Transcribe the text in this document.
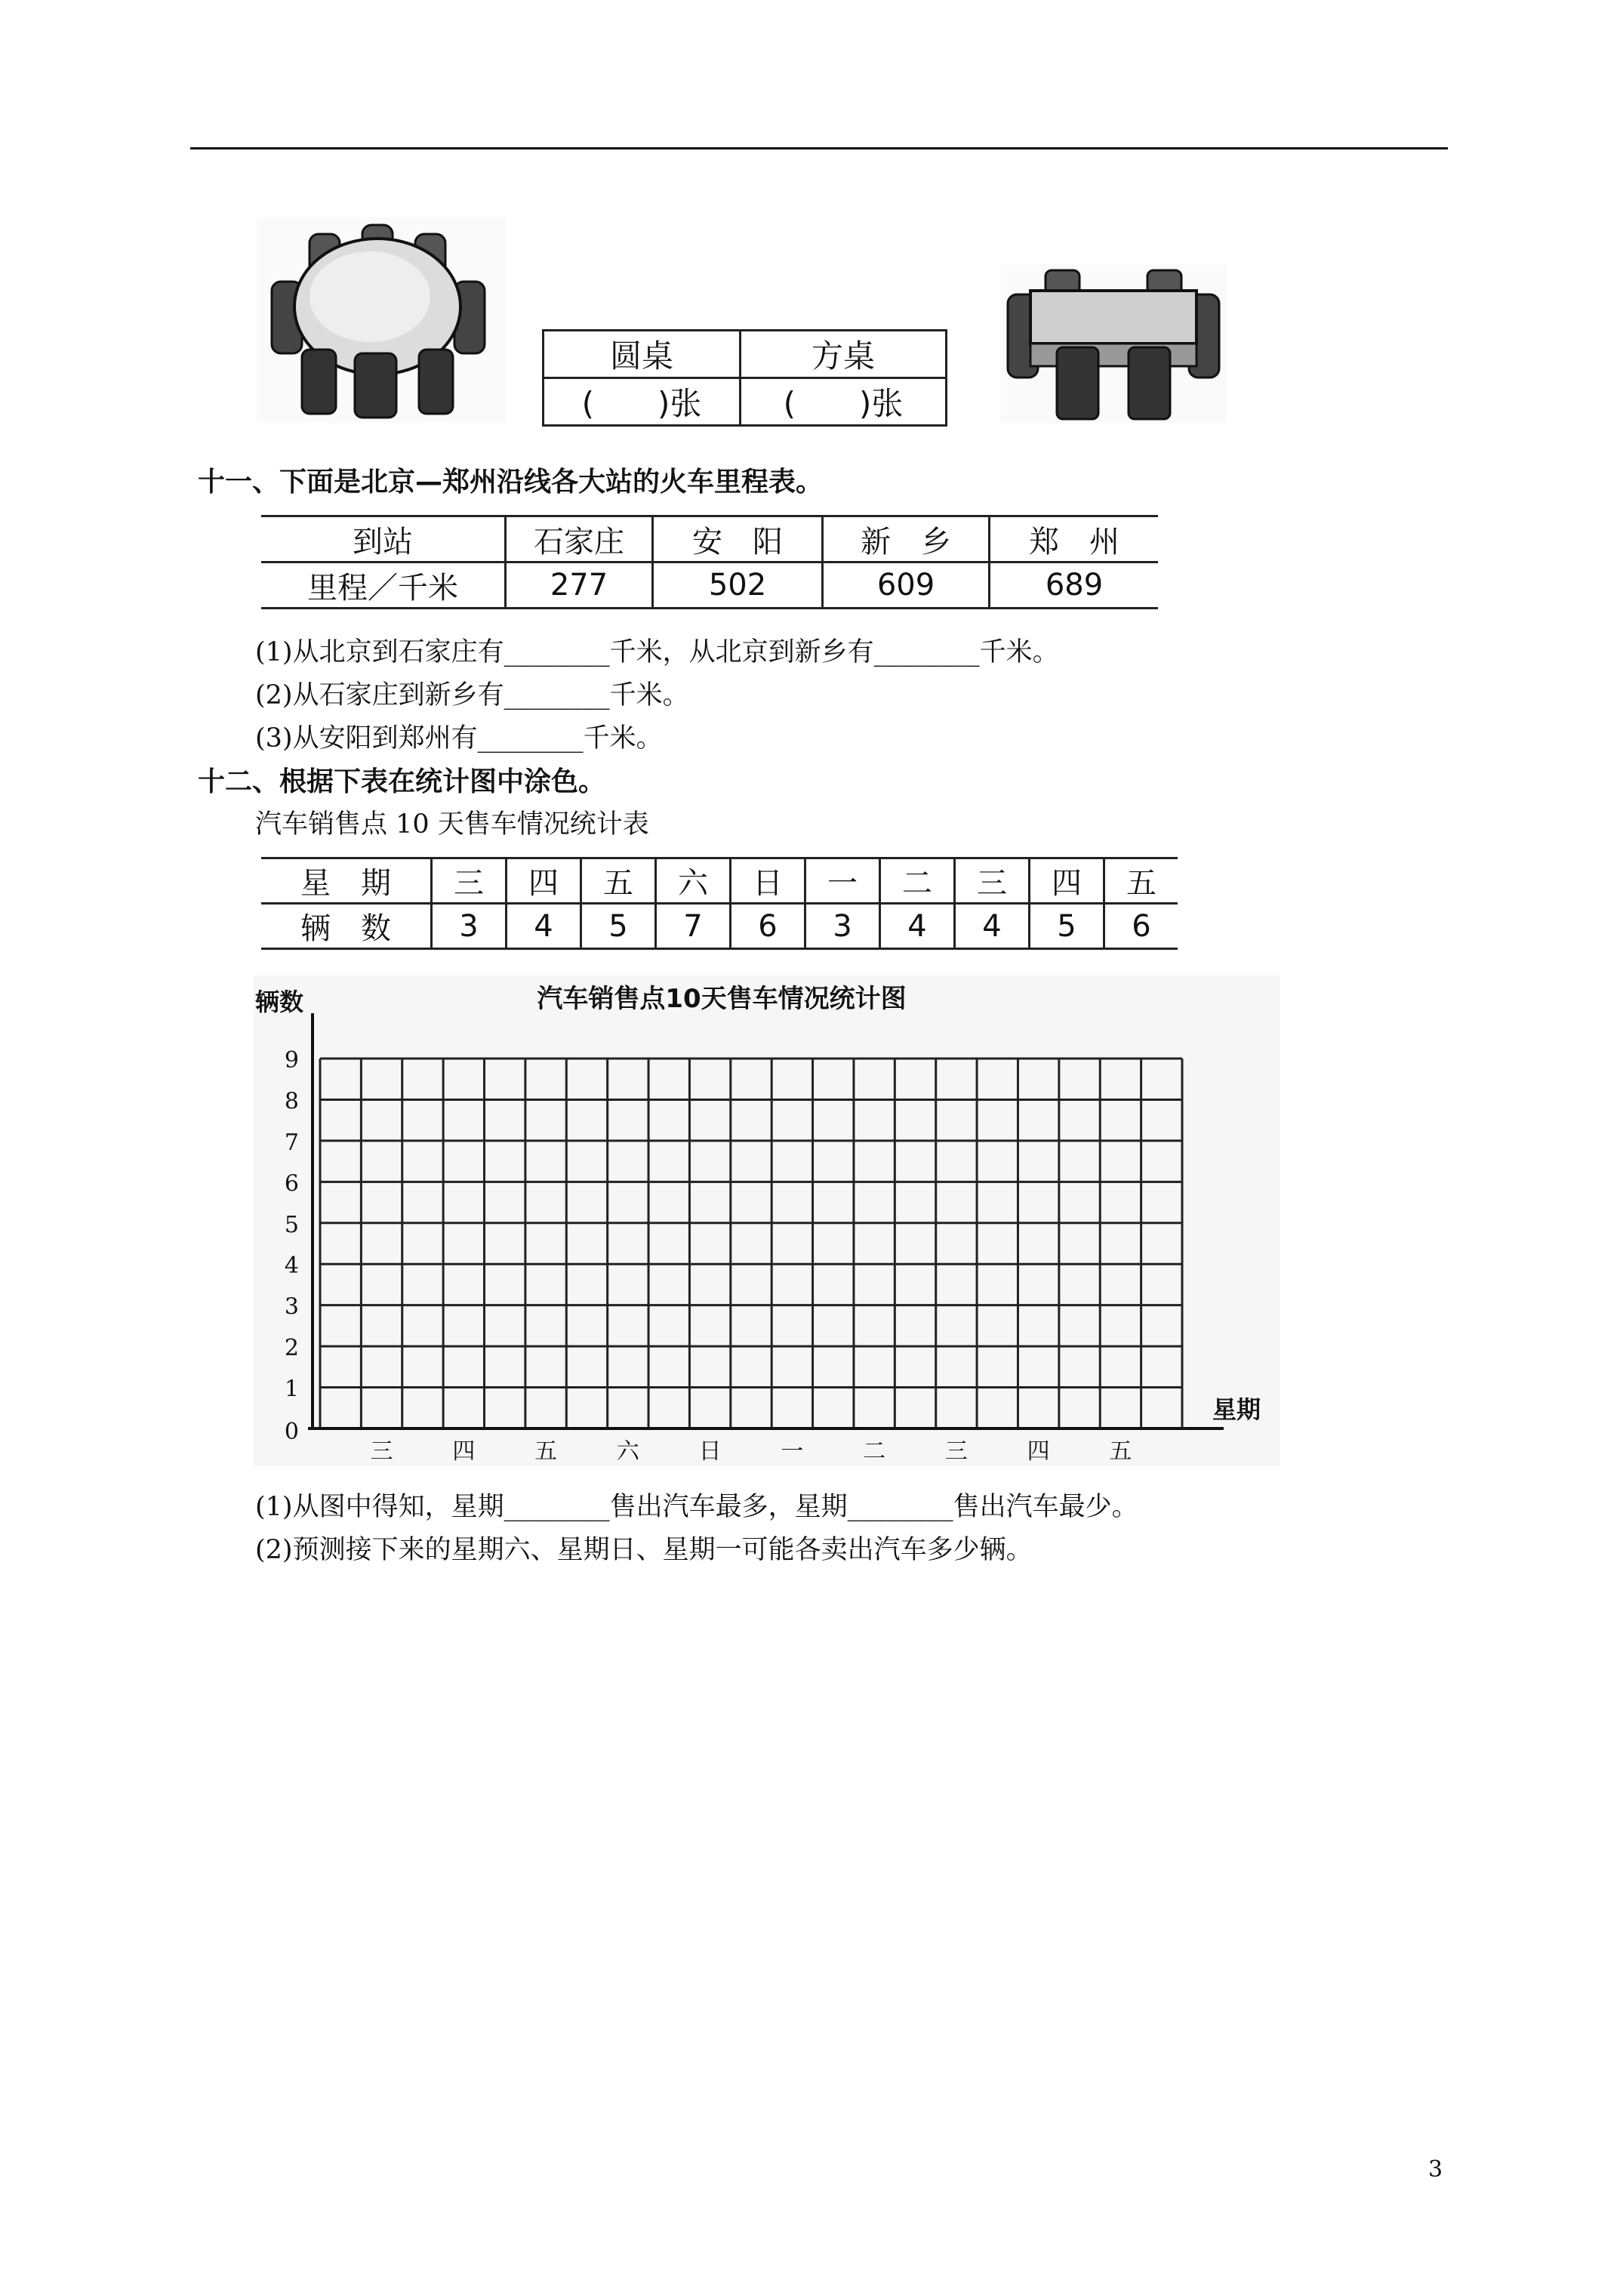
圆桌	方桌
(　　)张	(　　)张
十一、下面是北京—郑州沿线各大站的火车里程表。
到站	石家庄	安　阳	新　乡	郑　州
里程／千米	277	502	609	689
(1)从北京到石家庄有________千米，从北京到新乡有________千米。
(2)从石家庄到新乡有________千米。
(3)从安阳到郑州有________千米。
十二、根据下表在统计图中涂色。
汽车销售点 10 天售车情况统计表
星　期	三	四	五	六	日	一	二	三	四	五
辆　数	3	4	5	7	6	3	4	4	5	6
0
1
2
3
4
5
6
7
8
9
三	四	五	六	日	一	二	三	四	五
汽车销售点10天售车情况统计图
辆数
星期
(1)从图中得知，星期________售出汽车最多，星期________售出汽车最少。
(2)预测接下来的星期六、星期日、星期一可能各卖出汽车多少辆。
3
